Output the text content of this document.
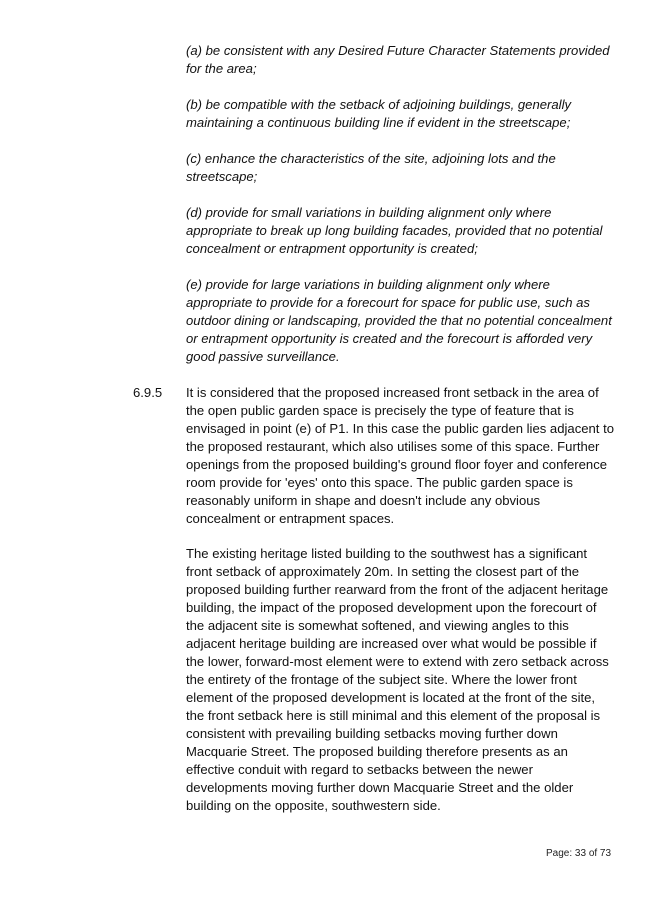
(a) be consistent with any Desired Future Character Statements provided for the area;

(b) be compatible with the setback of adjoining buildings, generally maintaining a continuous building line if evident in the streetscape;

(c) enhance the characteristics of the site, adjoining lots and the streetscape;

(d) provide for small variations in building alignment only where appropriate to break up long building facades, provided that no potential concealment or entrapment opportunity is created;

(e) provide for large variations in building alignment only where appropriate to provide for a forecourt for space for public use, such as outdoor dining or landscaping, provided the that no potential concealment or entrapment opportunity is created and the forecourt is afforded very good passive surveillance.

6.9.5 It is considered that the proposed increased front setback in the area of the open public garden space is precisely the type of feature that is envisaged in point (e) of P1. In this case the public garden lies adjacent to the proposed restaurant, which also utilises some of this space. Further openings from the proposed building's ground floor foyer and conference room provide for 'eyes' onto this space. The public garden space is reasonably uniform in shape and doesn't include any obvious concealment or entrapment spaces.

The existing heritage listed building to the southwest has a significant front setback of approximately 20m. In setting the closest part of the proposed building further rearward from the front of the adjacent heritage building, the impact of the proposed development upon the forecourt of the adjacent site is somewhat softened, and viewing angles to this adjacent heritage building are increased over what would be possible if the lower, forward-most element were to extend with zero setback across the entirety of the frontage of the subject site. Where the lower front element of the proposed development is located at the front of the site, the front setback here is still minimal and this element of the proposal is consistent with prevailing building setbacks moving further down Macquarie Street. The proposed building therefore presents as an effective conduit with regard to setbacks between the newer developments moving further down Macquarie Street and the older building on the opposite, southwestern side.

Page: 33 of 73
